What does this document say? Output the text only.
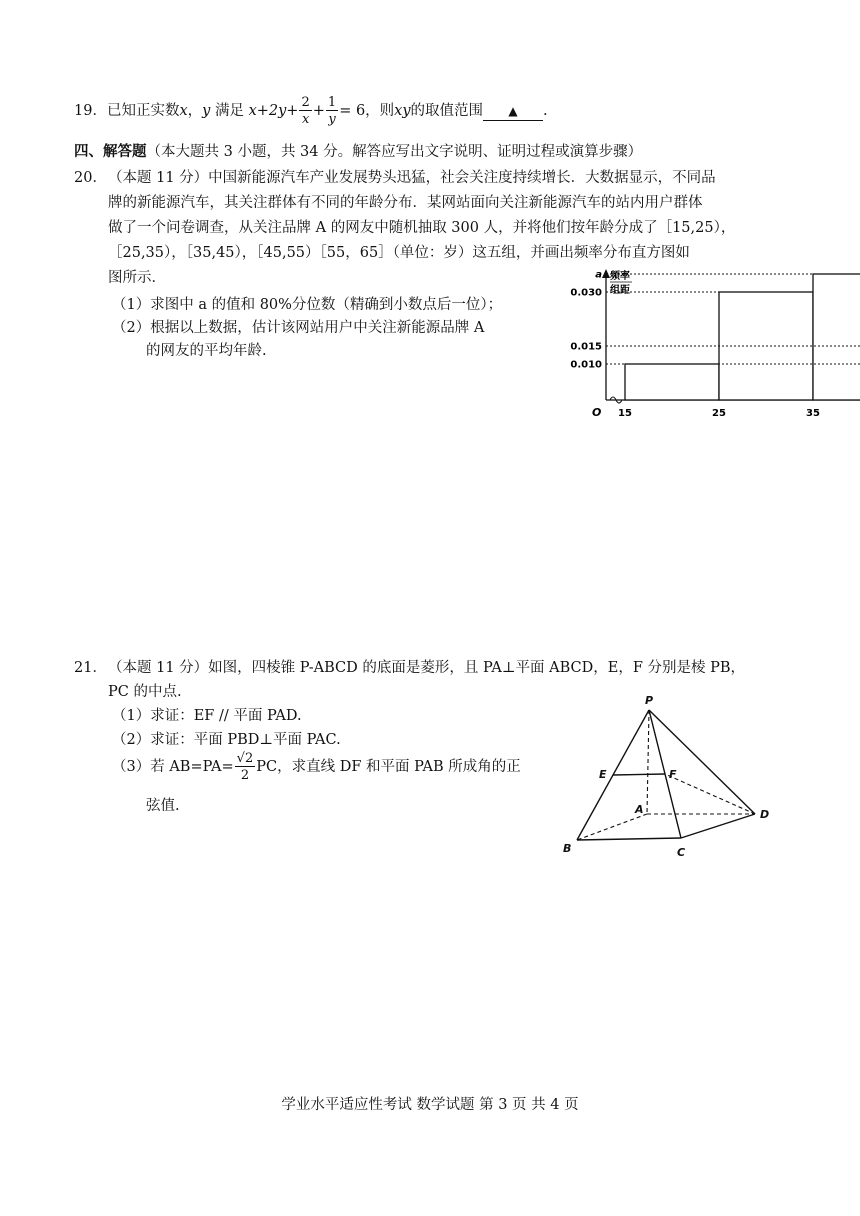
19．已知正实数x，y 满足 $x+2y+ \frac{2}{x} + \frac{1}{y} = 6$，则xy的取值范围 ▲ .
四、解答题（本大题共 3 小题，共 34 分。解答应写出文字说明、证明过程或演算步骤）
20． （本题 11 分）中国新能源汽车产业发展势头迅猛，社会关注度持续增长．大数据显示，不同品
牌的新能源汽车，其关注群体有不同的年龄分布．某网站面向关注新能源汽车的站内用户群体
做了一个问卷调查，从关注品牌 A 的网友中随机抽取 300 人，并将他们按年龄分成了［15,25），
［25,35），［35,45），［45,55）［55，65］（单位：岁）这五组，并画出频率分布直方图如
图所示．
（1）求图中 a 的值和 80%分位数（精确到小数点后一位）；
（2）根据以上数据，估计该网站用户中关注新能源品牌 A
的网友的平均年龄.
a
0.030
0.015
0.010
15	25	35
O
频率
组距
21． （本题 11 分）如图，四棱锥 P-ABCD 的底面是菱形，且 PA⊥平面 ABCD，E，F 分别是棱 PB，
PC 的中点.
（1）求证：EF // 平面 PAD.
（2）求证：平面 PBD⊥平面 PAC.
（3）若 $AB=PA= \frac{√2}{2}$ PC，求直线 DF 和平面 PAB 所成角的正
弦值.
P
E	F
A	D
B	C
学业水平适应性考试 数学试题 第 3 页 共 4 页
